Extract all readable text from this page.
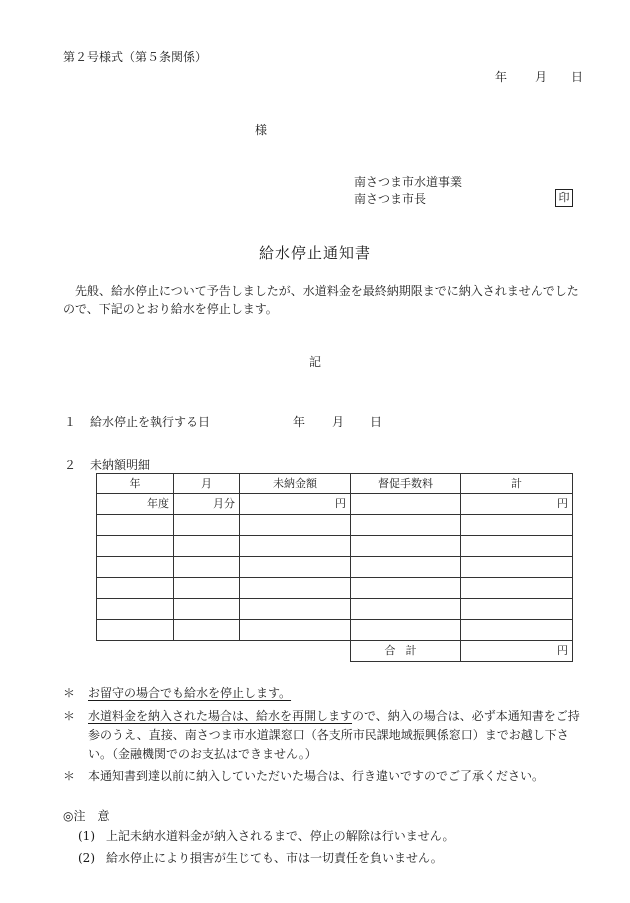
第２号様式（第５条関係）
年 月 日
様
南さつま市水道事業
南さつま市長	印
給水停止通知書
先般、給水停止について予告しましたが、水道料金を最終納期限までに納入されませんでしたので、下記のとおり給水を停止します。
記
１ 給水停止を執行する日	年 月 日
２ 未納額明細
年	月	未納金額	督促手数料	計
年度	月分	円		円

			合計	円
＊ お留守の場合でも給水を停止します。
＊ 水道料金を納入された場合は、給水を再開しますので、納入の場合は、必ず本通知書をご持参のうえ、直接、南さつま市水道課窓口（各支所市民課地域振興係窓口）までお越し下さい。（金融機関でのお支払はできません。）
＊ 本通知書到達以前に納入していただいた場合は、行き違いですのでご了承ください。
◎注　意
(1) 上記未納水道料金が納入されるまで、停止の解除は行いません。
(2) 給水停止により損害が生じても、市は一切責任を負いません。
